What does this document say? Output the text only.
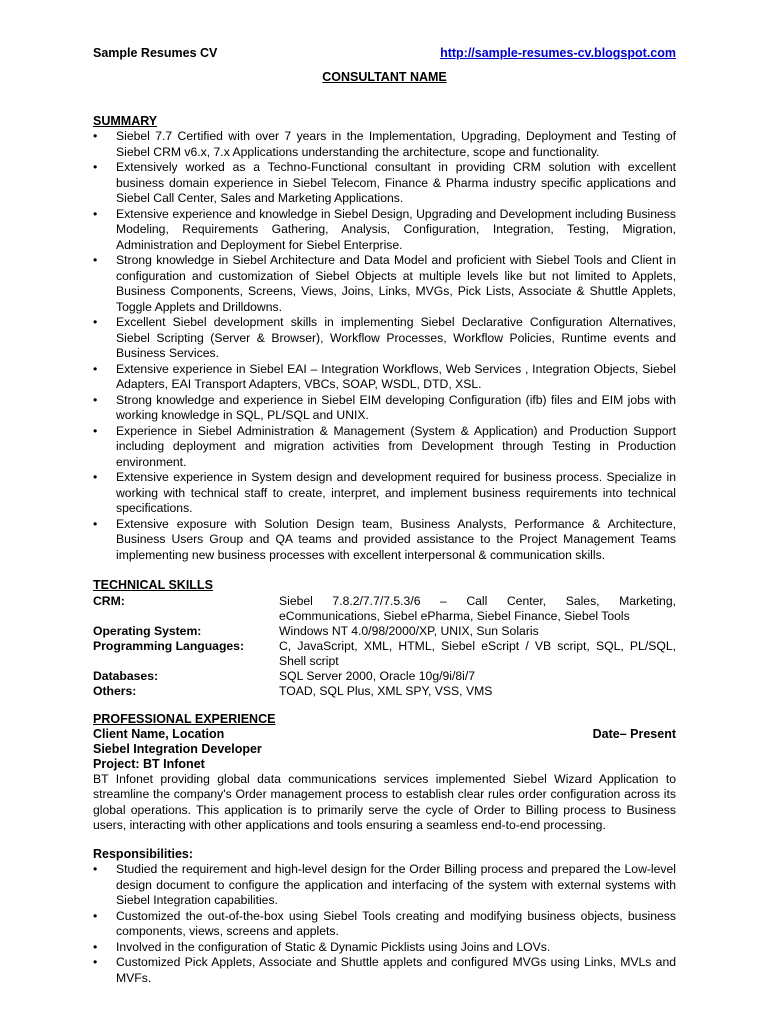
Sample Resumes CV	http://sample-resumes-cv.blogspot.com
CONSULTANT NAME
SUMMARY
• Siebel 7.7 Certified with over 7 years in the Implementation, Upgrading, Deployment and Testing of Siebel CRM v6.x, 7.x Applications understanding the architecture, scope and functionality.
• Extensively worked as a Techno-Functional consultant in providing CRM solution with excellent business domain experience in Siebel Telecom, Finance & Pharma industry specific applications and Siebel Call Center, Sales and Marketing Applications.
• Extensive experience and knowledge in Siebel Design, Upgrading and Development including Business Modeling, Requirements Gathering, Analysis, Configuration, Integration, Testing, Migration, Administration and Deployment for Siebel Enterprise.
• Strong knowledge in Siebel Architecture and Data Model and proficient with Siebel Tools and Client in configuration and customization of Siebel Objects at multiple levels like but not limited to Applets, Business Components, Screens, Views, Joins, Links, MVGs, Pick Lists, Associate & Shuttle Applets, Toggle Applets and Drilldowns.
• Excellent Siebel development skills in implementing Siebel Declarative Configuration Alternatives, Siebel Scripting (Server & Browser), Workflow Processes, Workflow Policies, Runtime events and Business Services.
• Extensive experience in Siebel EAI – Integration Workflows, Web Services , Integration Objects, Siebel Adapters, EAI Transport Adapters, VBCs, SOAP, WSDL, DTD, XSL.
• Strong knowledge and experience in Siebel EIM developing Configuration (ifb) files and EIM jobs with working knowledge in SQL, PL/SQL and UNIX.
• Experience in Siebel Administration & Management (System & Application) and Production Support including deployment and migration activities from Development through Testing in Production environment.
• Extensive experience in System design and development required for business process. Specialize in working with technical staff to create, interpret, and implement business requirements into technical specifications.
• Extensive exposure with Solution Design team, Business Analysts, Performance & Architecture, Business Users Group and QA teams and provided assistance to the Project Management Teams implementing new business processes with excellent interpersonal & communication skills.
TECHNICAL SKILLS
CRM:	Siebel 7.8.2/7.7/7.5.3/6 – Call Center, Sales, Marketing, eCommunications, Siebel ePharma, Siebel Finance, Siebel Tools
Operating System:	Windows NT 4.0/98/2000/XP, UNIX, Sun Solaris
Programming Languages:	C, JavaScript, XML, HTML, Siebel eScript / VB script, SQL, PL/SQL, Shell script
Databases:	SQL Server 2000, Oracle 10g/9i/8i/7
Others:	TOAD, SQL Plus, XML SPY, VSS, VMS
PROFESSIONAL EXPERIENCE
Client Name, Location	Date– Present
Siebel Integration Developer
Project: BT Infonet
BT Infonet providing global data communications services implemented Siebel Wizard Application to streamline the company's Order management process to establish clear rules order configuration across its global operations. This application is to primarily serve the cycle of Order to Billing process to Business users, interacting with other applications and tools ensuring a seamless end-to-end processing.
Responsibilities:
• Studied the requirement and high-level design for the Order Billing process and prepared the Low-level design document to configure the application and interfacing of the system with external systems with Siebel Integration capabilities.
• Customized the out-of-the-box using Siebel Tools creating and modifying business objects, business components, views, screens and applets.
• Involved in the configuration of Static & Dynamic Picklists using Joins and LOVs.
• Customized Pick Applets, Associate and Shuttle applets and configured MVGs using Links, MVLs and MVFs.
